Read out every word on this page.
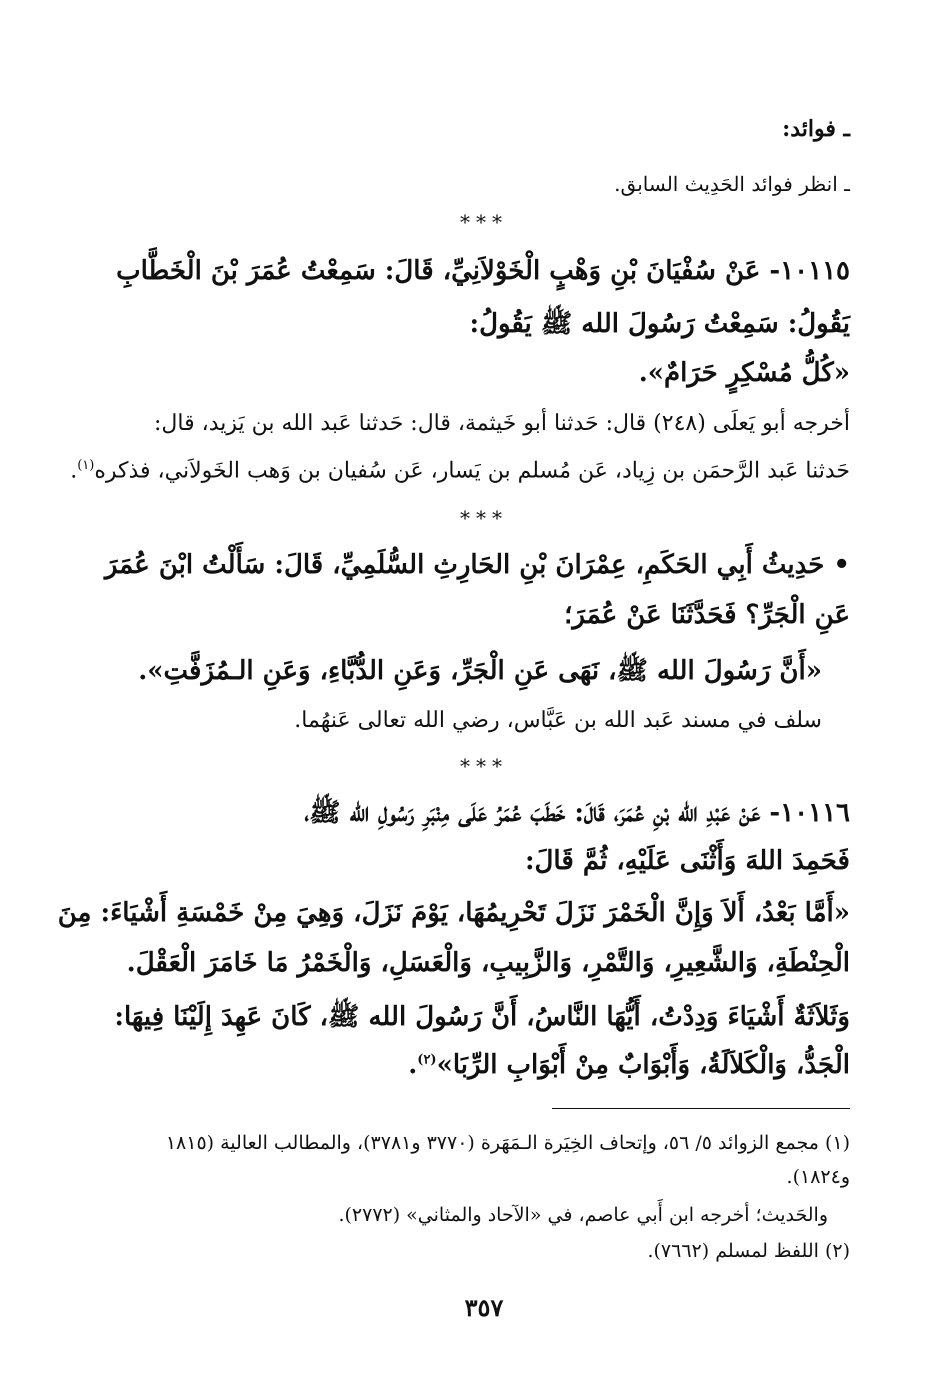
ـ فوائد:
ـ انظر فوائد الحَدِيث السابق.
***
١٠١١٥- عَنْ سُفْيَانَ بْنِ وَهْبٍ الْخَوْلاَنِيِّ، قَالَ: سَمِعْتُ عُمَرَ بْنَ الْخَطَّابِ
يَقُولُ: سَمِعْتُ رَسُولَ الله ﷺ يَقُولُ:
«كُلُّ مُسْكِرٍ حَرَامٌ».
أخرجه أبو يَعلَى (٢٤٨) قال: حَدثنا أبو خَيثمة، قال: حَدثنا عَبد الله بن يَزيد، قال:
حَدثنا عَبد الرَّحمَن بن زِياد، عَن مُسلم بن يَسار، عَن سُفيان بن وَهب الخَولاَني، فذكره$^{(١)}$.
***
• حَدِيثُ أَبِي الحَكَمِ، عِمْرَانَ بْنِ الحَارِثِ السُّلَمِيِّ، قَالَ: سَأَلْتُ ابْنَ عُمَرَ
عَنِ الْجَرِّ؟ فَحَدَّثَنَا عَنْ عُمَرَ؛
«أَنَّ رَسُولَ الله ﷺ، نَهَى عَنِ الْجَرِّ، وَعَنِ الدُّبَّاءِ، وَعَنِ الـمُزَفَّتِ».
سلف في مسند عَبد الله بن عَبَّاس، رضي الله تعالى عَنهُما.
***
١٠١١٦- عَنْ عَبْدِ الله بْنِ عُمَرَ، قَالَ: خَطَبَ عُمَرُ عَلَى مِنْبَرِ رَسُولِ الله ﷺ،
فَحَمِدَ اللهَ وَأَثْنَى عَلَيْهِ، ثُمَّ قَالَ:
«أَمَّا بَعْدُ، أَلاَ وَإِنَّ الْخَمْرَ نَزَلَ تَحْرِيمُهَا، يَوْمَ نَزَلَ، وَهِيَ مِنْ خَمْسَةِ أَشْيَاءَ: مِنَ
الْحِنْطَةِ، وَالشَّعِيرِ، وَالتَّمْرِ، وَالزَّبِيبِ، وَالْعَسَلِ، وَالْخَمْرُ مَا خَامَرَ الْعَقْلَ.
وَثَلاَثَةٌ أَشْيَاءَ وَدِدْتُ، أَيُّهَا النَّاسُ، أَنَّ رَسُولَ الله ﷺ، كَانَ عَهِدَ إِلَيْنَا فِيهَا:
الْجَدُّ، وَالْكَلاَلَةُ، وَأَبْوَابٌ مِنْ أَبْوَابِ الرِّبَا»$^{(٢)}$.
(١) مجمع الزوائد ٥/ ٥٦، وإتحاف الخِيَرة الـمَهَرة (٣٧٧٠ و٣٧٨١)، والمطالب العالية (١٨١٥
و١٨٢٤).
والحَديث؛ أخرجه ابن أَبي عاصم، في «الآحاد والمثاني» (٢٧٧٢).
(٢) اللفظ لمسلم (٧٦٦٢).
٣٥٧
